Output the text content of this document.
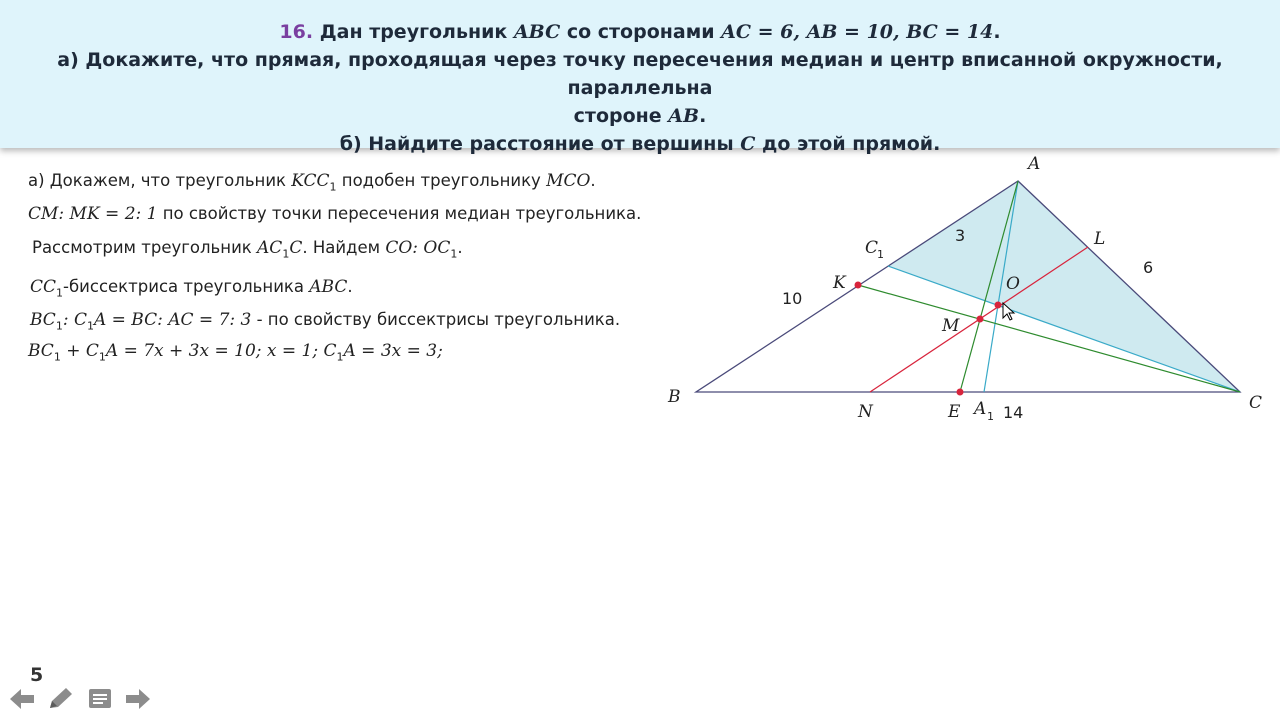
16. Дан треугольник ABC со сторонами AC = 6, AB = 10, BC = 14.
а) Докажите, что прямая, проходящая через точку пересечения медиан и центр вписанной окружности, параллельна
стороне AB.
б) Найдите расстояние от вершины C до этой прямой.
а) Докажем, что треугольник $KCC_1$ подобен треугольнику MCO.
CM: MK = 2: 1 по свойству точки пересечения медиан треугольника.
Рассмотрим треугольник $AC_1C$. Найдем CO: $OC_1$.
$CC_1$-биссектриса треугольника ABC.
$BC_1$: $C_1A$ = BC: AC = 7: 3 - по свойству биссектрисы треугольника.
$BC_1 + C_1A = 7x + 3x = 10$; x = 1; $C_1A = 3x = 3$;
A
B	C
K
L
O
M
N	E A
C
1
1
10
6
3
14
5
